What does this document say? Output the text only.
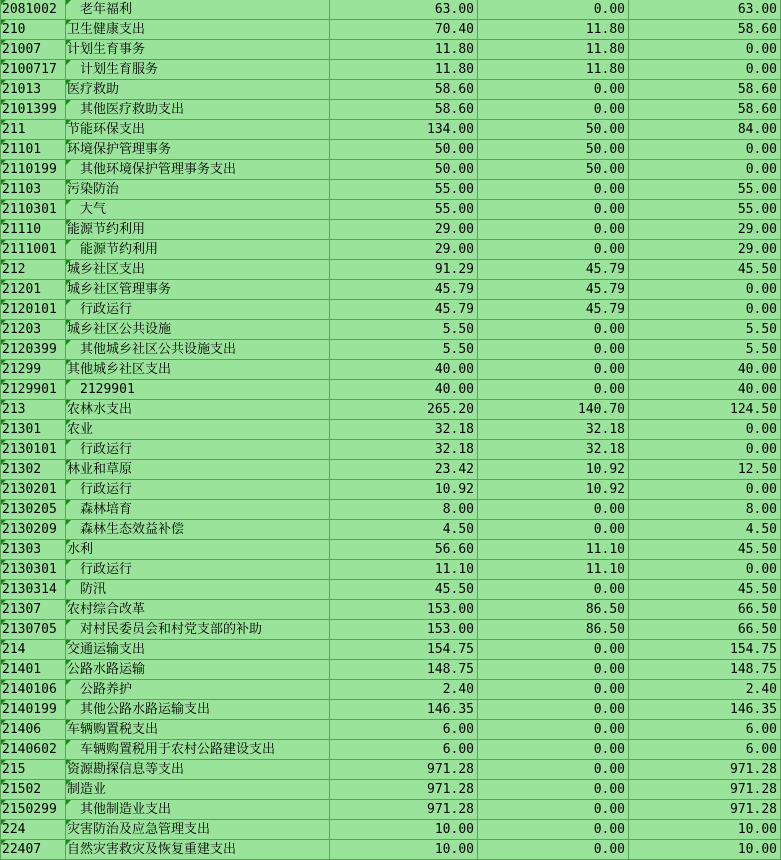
2081002	老年福利	63.00	0.00	63.00

210	卫生健康支出	70.40	11.80	58.60

21007	计划生育事务	11.80	11.80	0.00

2100717	计划生育服务	11.80	11.80	0.00

21013	医疗救助	58.60	0.00	58.60

2101399	其他医疗救助支出	58.60	0.00	58.60

211	节能环保支出	134.00	50.00	84.00

21101	环境保护管理事务	50.00	50.00	0.00

2110199	其他环境保护管理事务支出	50.00	50.00	0.00

21103	污染防治	55.00	0.00	55.00

2110301	大气	55.00	0.00	55.00

21110	能源节约利用	29.00	0.00	29.00

2111001	能源节约利用	29.00	0.00	29.00

212	城乡社区支出	91.29	45.79	45.50

21201	城乡社区管理事务	45.79	45.79	0.00

2120101	行政运行	45.79	45.79	0.00

21203	城乡社区公共设施	5.50	0.00	5.50

2120399	其他城乡社区公共设施支出	5.50	0.00	5.50

21299	其他城乡社区支出	40.00	0.00	40.00

2129901	2129901	40.00	0.00	40.00

213	农林水支出	265.20	140.70	124.50

21301	农业	32.18	32.18	0.00

2130101	行政运行	32.18	32.18	0.00

21302	林业和草原	23.42	10.92	12.50

2130201	行政运行	10.92	10.92	0.00

2130205	森林培育	8.00	0.00	8.00

2130209	森林生态效益补偿	4.50	0.00	4.50

21303	水利	56.60	11.10	45.50

2130301	行政运行	11.10	11.10	0.00

2130314	防汛	45.50	0.00	45.50

21307	农村综合改革	153.00	86.50	66.50

2130705	对村民委员会和村党支部的补助	153.00	86.50	66.50

214	交通运输支出	154.75	0.00	154.75

21401	公路水路运输	148.75	0.00	148.75

2140106	公路养护	2.40	0.00	2.40

2140199	其他公路水路运输支出	146.35	0.00	146.35

21406	车辆购置税支出	6.00	0.00	6.00

2140602	车辆购置税用于农村公路建设支出	6.00	0.00	6.00

215	资源勘探信息等支出	971.28	0.00	971.28

21502	制造业	971.28	0.00	971.28

2150299	其他制造业支出	971.28	0.00	971.28

224	灾害防治及应急管理支出	10.00	0.00	10.00

22407	自然灾害救灾及恢复重建支出	10.00	0.00	10.00
